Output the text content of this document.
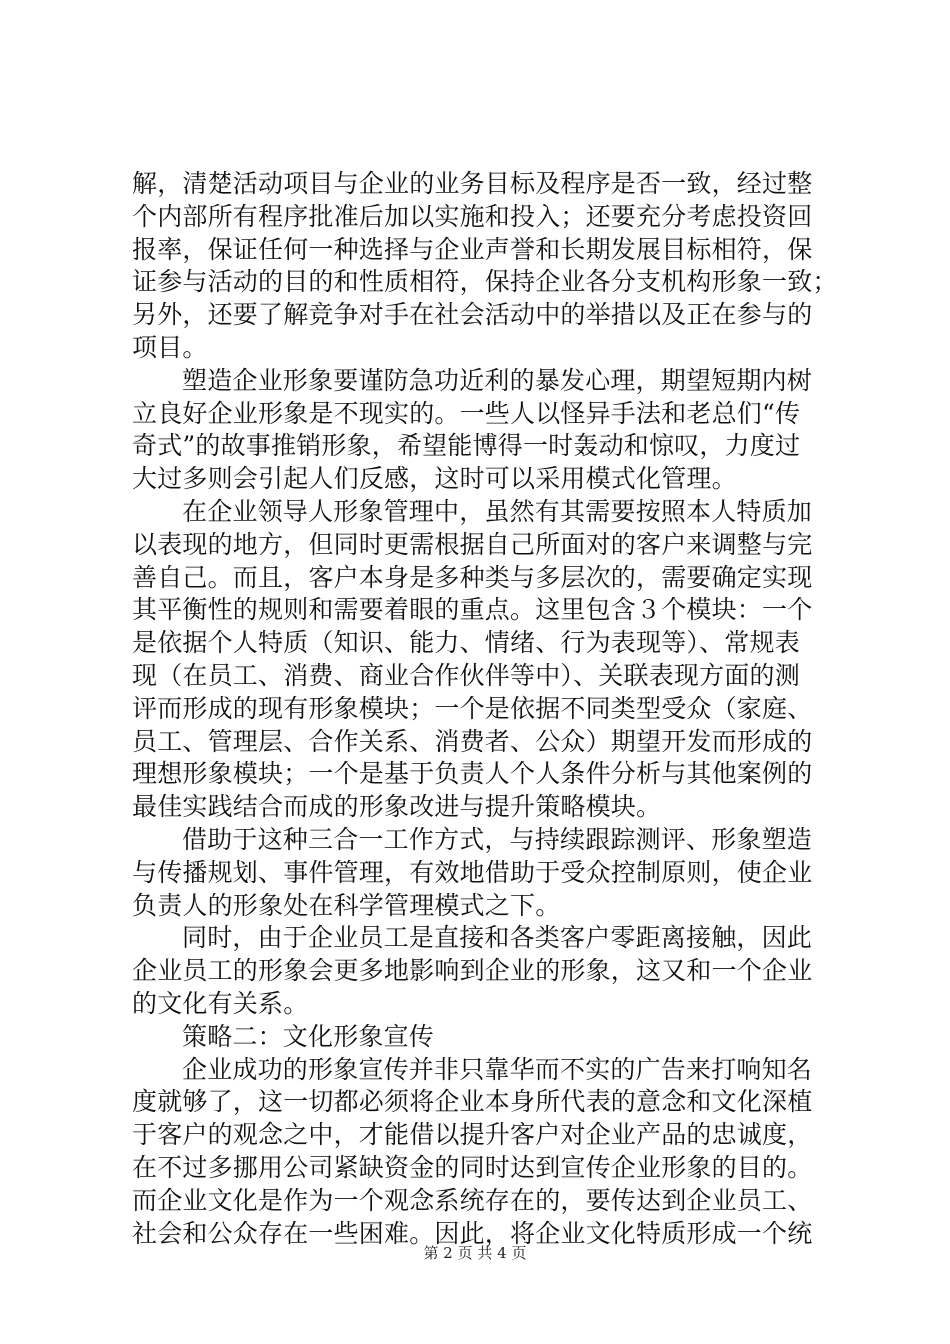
解，清楚活动项目与企业的业务目标及程序是否一致，经过整
个内部所有程序批准后加以实施和投入；还要充分考虑投资回
报率，保证任何一种选择与企业声誉和长期发展目标相符，保
证参与活动的目的和性质相符，保持企业各分支机构形象一致；
另外，还要了解竞争对手在社会活动中的举措以及正在参与的
项目。
塑造企业形象要谨防急功近利的暴发心理，期望短期内树
立良好企业形象是不现实的。一些人以怪异手法和老总们“传
奇式”的故事推销形象，希望能博得一时轰动和惊叹，力度过
大过多则会引起人们反感，这时可以采用模式化管理。
在企业领导人形象管理中，虽然有其需要按照本人特质加
以表现的地方，但同时更需根据自己所面对的客户来调整与完
善自己。而且，客户本身是多种类与多层次的，需要确定实现
其平衡性的规则和需要着眼的重点。这里包含３个模块：一个
是依据个人特质（知识、能力、情绪、行为表现等）、常规表
现（在员工、消费、商业合作伙伴等中）、关联表现方面的测
评而形成的现有形象模块；一个是依据不同类型受众（家庭、
员工、管理层、合作关系、消费者、公众）期望开发而形成的
理想形象模块；一个是基于负责人个人条件分析与其他案例的
最佳实践结合而成的形象改进与提升策略模块。
借助于这种三合一工作方式，与持续跟踪测评、形象塑造
与传播规划、事件管理，有效地借助于受众控制原则，使企业
负责人的形象处在科学管理模式之下。
同时，由于企业员工是直接和各类客户零距离接触，因此
企业员工的形象会更多地影响到企业的形象，这又和一个企业
的文化有关系。
策略二：文化形象宣传
企业成功的形象宣传并非只靠华而不实的广告来打响知名
度就够了，这一切都必须将企业本身所代表的意念和文化深植
于客户的观念之中，才能借以提升客户对企业产品的忠诚度，
在不过多挪用公司紧缺资金的同时达到宣传企业形象的目的。
而企业文化是作为一个观念系统存在的，要传达到企业员工、
社会和公众存在一些困难。因此，将企业文化特质形成一个统
第 2 页 共 4 页
